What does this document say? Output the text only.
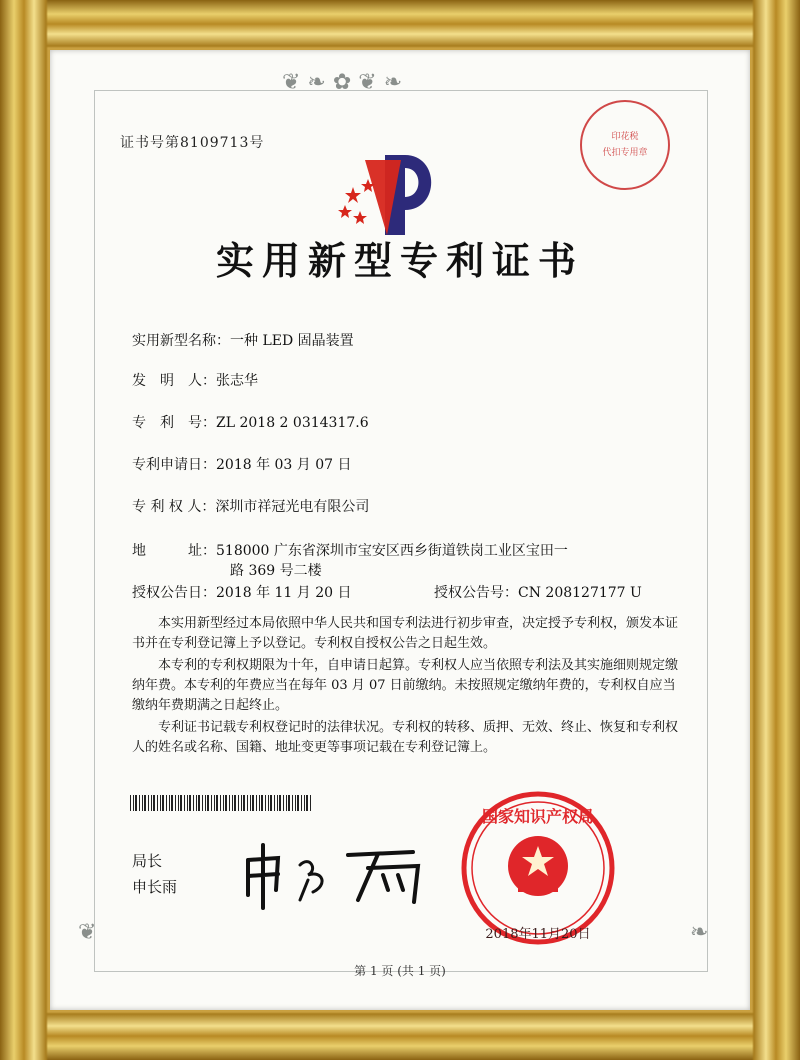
❦ ❧ ✿ ❦ ❧
❦	❧
证书号第8109713号	印花税
代扣专用章
实用新型专利证书
实用新型名称：一种 LED 固晶装置
发　明　人：张志华
专　利　号：ZL 2018 2 0314317.6
专利申请日：2018 年 03 月 07 日
专 利 权 人：深圳市祥冠光电有限公司
地　　　址：518000 广东省深圳市宝安区西乡街道铁岗工业区宝田一
路 369 号二楼
授权公告日：2018 年 11 月 20 日	授权公告号：CN 208127177 U
本实用新型经过本局依照中华人民共和国专利法进行初步审查，决定授予专利权，颁发本证书并在专利登记簿上予以登记。专利权自授权公告之日起生效。
本专利的专利权期限为十年，自申请日起算。专利权人应当依照专利法及其实施细则规定缴纳年费。本专利的年费应当在每年 03 月 07 日前缴纳。未按照规定缴纳年费的，专利权自应当缴纳年费期满之日起终止。
专利证书记载专利权登记时的法律状况。专利权的转移、质押、无效、终止、恢复和专利权人的姓名或名称、国籍、地址变更等事项记载在专利登记簿上。
局长
申长雨
国家知识产权局
2018年11月20日
第 1 页 (共 1 页)
